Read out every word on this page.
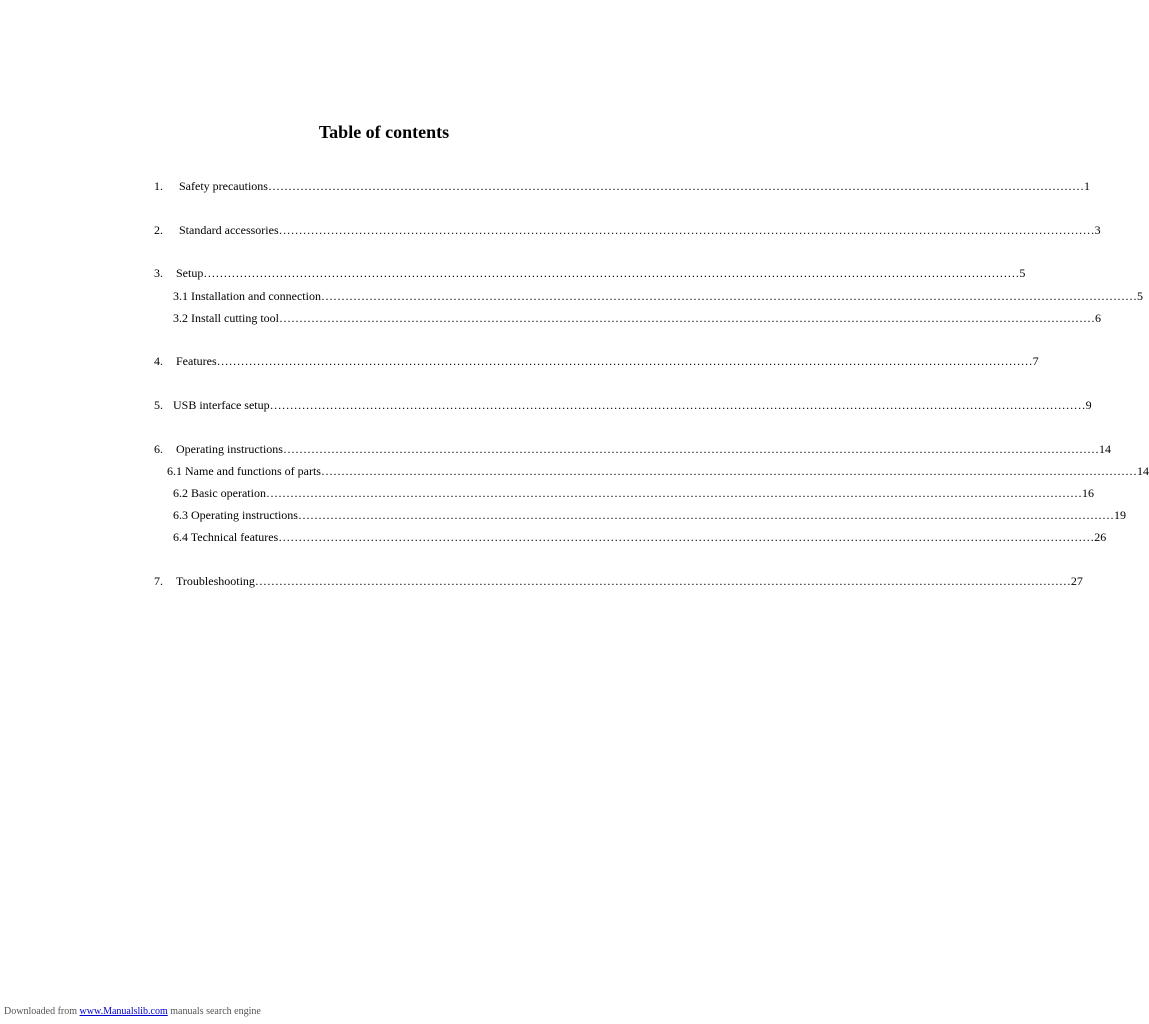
Table of contents
1.	Safety precautions …………………………………………………………………………………………………………………………………………………………………………………… 1
2.	Standard accessories …………………………………………………………………………………………………………………………………………………………………………………… 3
3.	Setup …………………………………………………………………………………………………………………………………………………………………………………… 5
3.1 Installation and connection …………………………………………………………………………………………………………………………………………………………………………………… 5
3.2 Install cutting tool …………………………………………………………………………………………………………………………………………………………………………………… 6
4.	Features …………………………………………………………………………………………………………………………………………………………………………………… 7
5. USB interface setup …………………………………………………………………………………………………………………………………………………………………………………… 9
6.	Operating instructions …………………………………………………………………………………………………………………………………………………………………………………… 14
6.1 Name and functions of parts …………………………………………………………………………………………………………………………………………………………………………………… 14
6.2 Basic operation …………………………………………………………………………………………………………………………………………………………………………………… 16
6.3 Operating instructions …………………………………………………………………………………………………………………………………………………………………………………… 19
6.4 Technical features …………………………………………………………………………………………………………………………………………………………………………………… 26
7.	Troubleshooting …………………………………………………………………………………………………………………………………………………………………………………… 27
Downloaded from www.Manualslib.com manuals search engine
